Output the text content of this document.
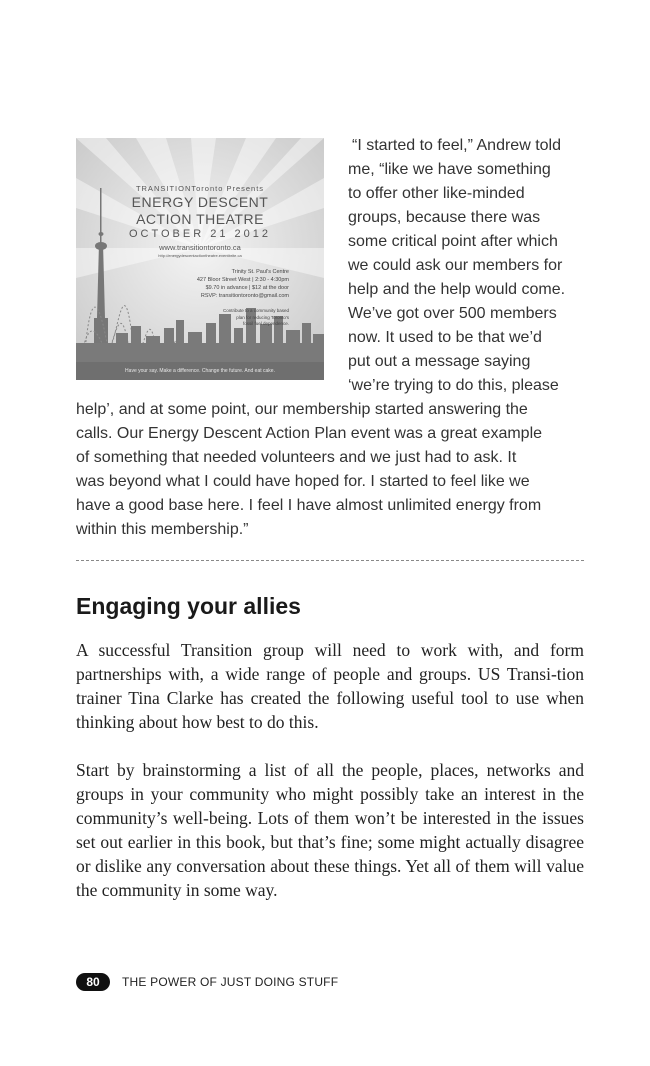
TRANSITIONToronto Presents
ENERGY DESCENT
ACTION THEATRE
OCTOBER 21 2012
www.transitiontoronto.ca
http://energydescentactiontheatre.eventbrite.ca
Trinity St. Paul's Centre
427 Bloor Street West | 2:30 - 4:30pm
$9.70 in advance | $12 at the door
RSVP: transitiontoronto@gmail.com
Contribute to a community based
plan for reducing Toronto's
fossil fuel dependence.
Have your say. Make a difference. Change the future. And eat cake.
“I started to feel,” Andrew told
me, “like we have something
to offer other like-minded
groups, because there was
some critical point after which
we could ask our members for
help and the help would come.
We’ve got over 500 members
now. It used to be that we’d
put out a message saying
‘we’re trying to do this, please
help’, and at some point, our membership started answering the
calls. Our Energy Descent Action Plan event was a great example
of something that needed volunteers and we just had to ask. It
was beyond what I could have hoped for. I started to feel like we
have a good base here. I feel I have almost unlimited energy from
within this membership.”
Engaging your allies

A successful Transition group will need to work with, and form partnerships with, a wide range of people and groups. US Transi-tion trainer Tina Clarke has created the following useful tool to use when thinking about how best to do this.

Start by brainstorming a list of all the people, places, networks and groups in your community who might possibly take an interest in the community’s well-being. Lots of them won’t be interested in the issues set out earlier in this book, but that’s fine; some might actually disagree or dislike any conversation about these things. Yet all of them will value the community in some way.

80	THE POWER OF JUST DOING STUFF
